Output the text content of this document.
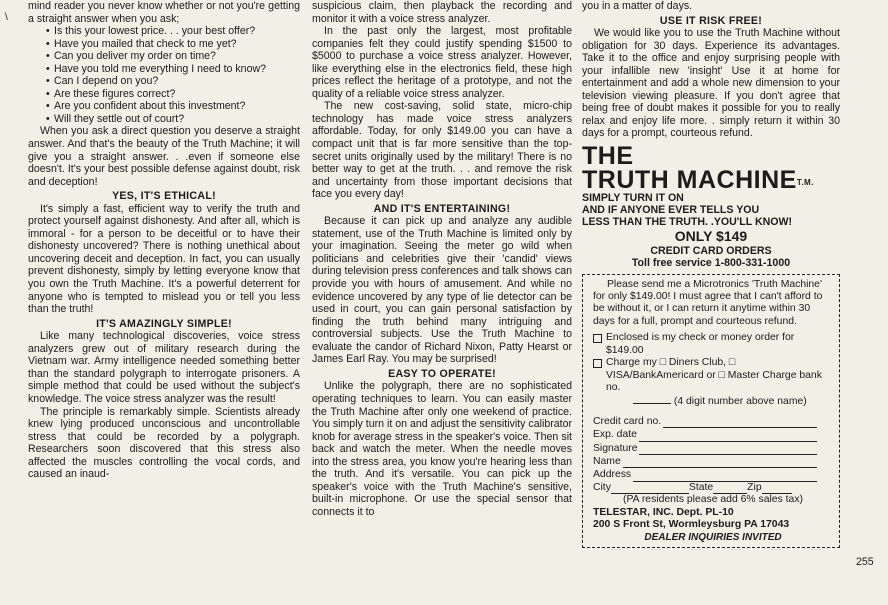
\

mind reader you never know whether or not you're getting a straight answer when you ask;

• Is this your lowest price. . . your best offer?
• Have you mailed that check to me yet?
• Can you deliver my order on time?
• Have you told me everything I need to know?
• Can I depend on you?
• Are these figures correct?
• Are you confident about this investment?
• Will they settle out of court?

When you ask a direct question you deserve a straight answer. And that's the beauty of the Truth Machine; it will give you a straight answer. . .even if someone else doesn't. It's your best possible defense against doubt, risk and deception!

YES, IT'S ETHICAL!

It's simply a fast, efficient way to verify the truth and protect yourself against dishonesty. And after all, which is immoral - for a person to be deceitful or to have their dishonesty uncovered? There is nothing unethical about uncovering deceit and deception. In fact, you can usually prevent dishonesty, simply by letting everyone know that you own the Truth Machine. It's a powerful deterrent for anyone who is tempted to mislead you or tell you less than the truth!

IT'S AMAZINGLY SIMPLE!

Like many technological discoveries, voice stress analyzers grew out of military research during the Vietnam war. Army intelligence needed something better than the standard polygraph to interrogate prisoners. A simple method that could be used without the subject's knowledge. The voice stress analyzer was the result!

The principle is remarkably simple. Scientists already knew lying produced unconscious and uncontrollable stress that could be recorded by a polygraph. Researchers soon discovered that this stress also affected the muscles controlling the vocal cords, and caused an inaud-

suspicious claim, then playback the recording and monitor it with a voice stress analyzer.

In the past only the largest, most profitable companies felt they could justify spending $1500 to $5000 to purchase a voice stress analyzer. However, like everything else in the electronics field, these high prices reflect the heritage of a prototype, and not the quality of a reliable voice stress analyzer.

The new cost-saving, solid state, micro-chip technology has made voice stress analyzers affordable. Today, for only $149.00 you can have a compact unit that is far more sensitive than the top-secret units originally used by the military! There is no better way to get at the truth. . . and remove the risk and uncertainty from those important decisions that face you every day!

AND IT'S ENTERTAINING!

Because it can pick up and analyze any audible statement, use of the Truth Machine is limited only by your imagination. Seeing the meter go wild when politicians and celebrities give their 'candid' views during television press conferences and talk shows can provide you with hours of amusement. And while no evidence uncovered by any type of lie detector can be used in court, you can gain personal satisfaction by finding the truth behind many intriguing and controversial subjects. Use the Truth Machine to evaluate the candor of Richard Nixon, Patty Hearst or James Earl Ray. You may be surprised!

EASY TO OPERATE!

Unlike the polygraph, there are no sophisticated operating techniques to learn. You can easily master the Truth Machine after only one weekend of practice. You simply turn it on and adjust the sensitivity calibrator knob for average stress in the speaker's voice. Then sit back and watch the meter. When the needle moves into the stress area, you know you're hearing less than the truth. And it's versatile. You can pick up the speaker's voice with the Truth Machine's sensitive, built-in microphone. Or use the special sensor that connects it to

you in a matter of days.

USE IT RISK FREE!

We would like you to use the Truth Machine without obligation for 30 days. Experience its advantages. Take it to the office and enjoy surprising people with your infallible new 'insight' Use it at home for entertainment and add a whole new dimension to your television viewing pleasure. If you don't agree that being free of doubt makes it possible for you to really relax and enjoy life more. . simply return it within 30 days for a prompt, courteous refund.

THE
TRUTH $MACHINE^{T.M.}$
SIMPLY TURN IT ON
AND IF ANYONE EVER TELLS YOU
LESS THAN THE TRUTH. .YOU'LL KNOW!
ONLY $149
CREDIT CARD ORDERS
Toll free service 1-800-331-1000

Please send me a Microtronics 'Truth Machine' for only $149.00! I must agree that I can't afford to be without it, or I can return it anytime within 30 days for a full, prompt and courteous refund.

Enclosed is my check or money order for $149.00
Charge my □ Diners Club, □ VISA/BankAmericard or □ Master Charge bank no.
(4 digit number above name)
Credit card no.
Exp. date
Signature
Name
Address
City	State	Zip
(PA residents please add 6% sales tax)
TELESTAR, INC. Dept. PL-10
200 S Front St, Wormleysburg PA 17043
DEALER INQUIRIES INVITED
255
